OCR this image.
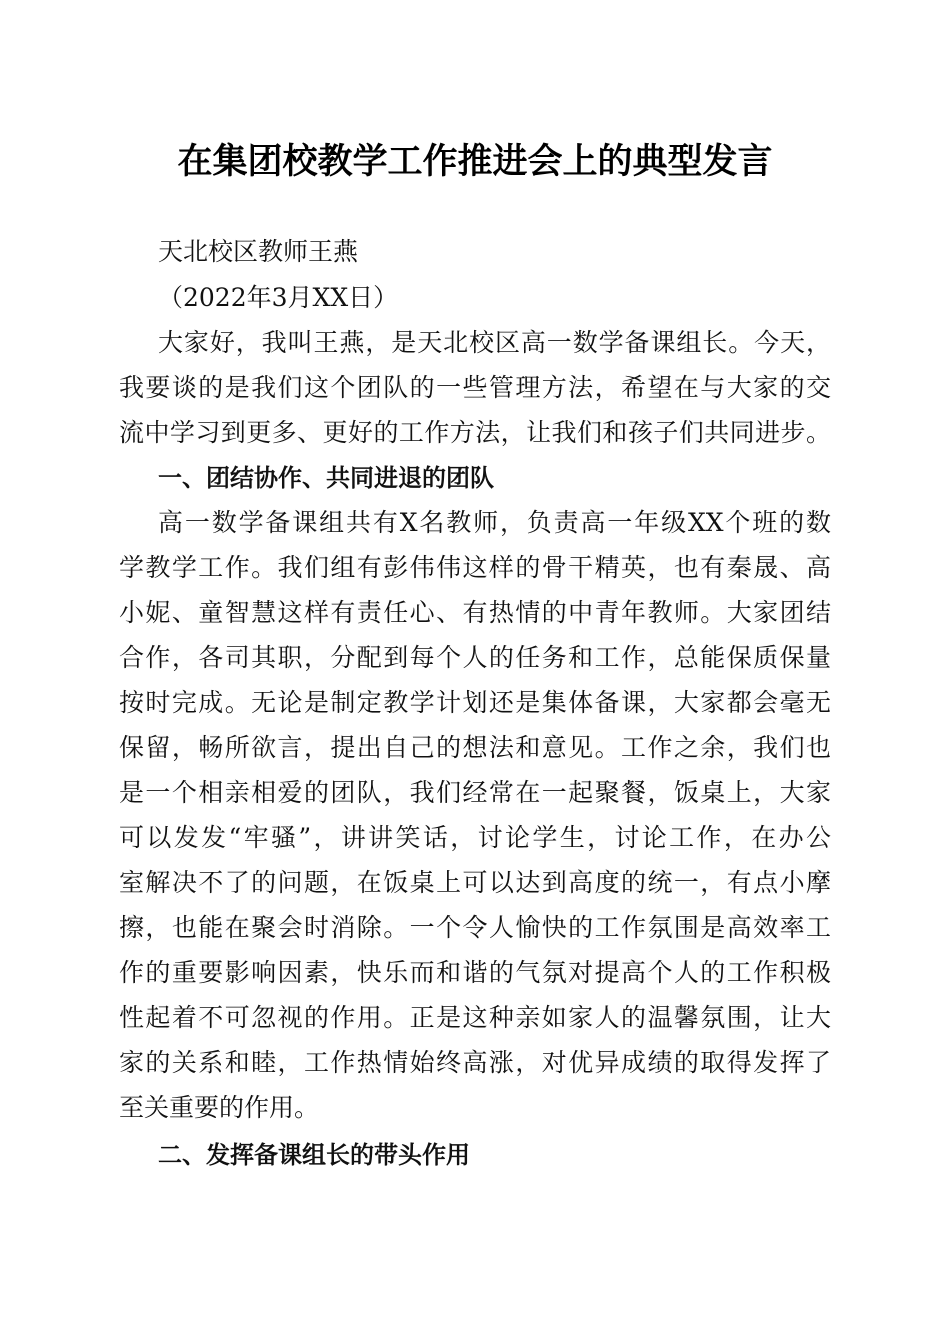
在集团校教学工作推进会上的典型发言
天北校区教师王燕
（2022年3月XX日）
大家好，我叫王燕，是天北校区高一数学备课组长。今天，
我要谈的是我们这个团队的一些管理方法，希望在与大家的交
流中学习到更多、更好的工作方法，让我们和孩子们共同进步。
一、团结协作、共同进退的团队
高一数学备课组共有X名教师，负责高一年级XX个班的数
学教学工作。我们组有彭伟伟这样的骨干精英，也有秦晟、高
小妮、童智慧这样有责任心、有热情的中青年教师。大家团结
合作，各司其职，分配到每个人的任务和工作，总能保质保量
按时完成。无论是制定教学计划还是集体备课，大家都会毫无
保留，畅所欲言，提出自己的想法和意见。工作之余，我们也
是一个相亲相爱的团队，我们经常在一起聚餐，饭桌上，大家
可以发发“牢骚”，讲讲笑话，讨论学生，讨论工作，在办公
室解决不了的问题，在饭桌上可以达到高度的统一，有点小摩
擦，也能在聚会时消除。一个令人愉快的工作氛围是高效率工
作的重要影响因素，快乐而和谐的气氛对提高个人的工作积极
性起着不可忽视的作用。正是这种亲如家人的温馨氛围，让大
家的关系和睦，工作热情始终高涨，对优异成绩的取得发挥了
至关重要的作用。
二、发挥备课组长的带头作用
